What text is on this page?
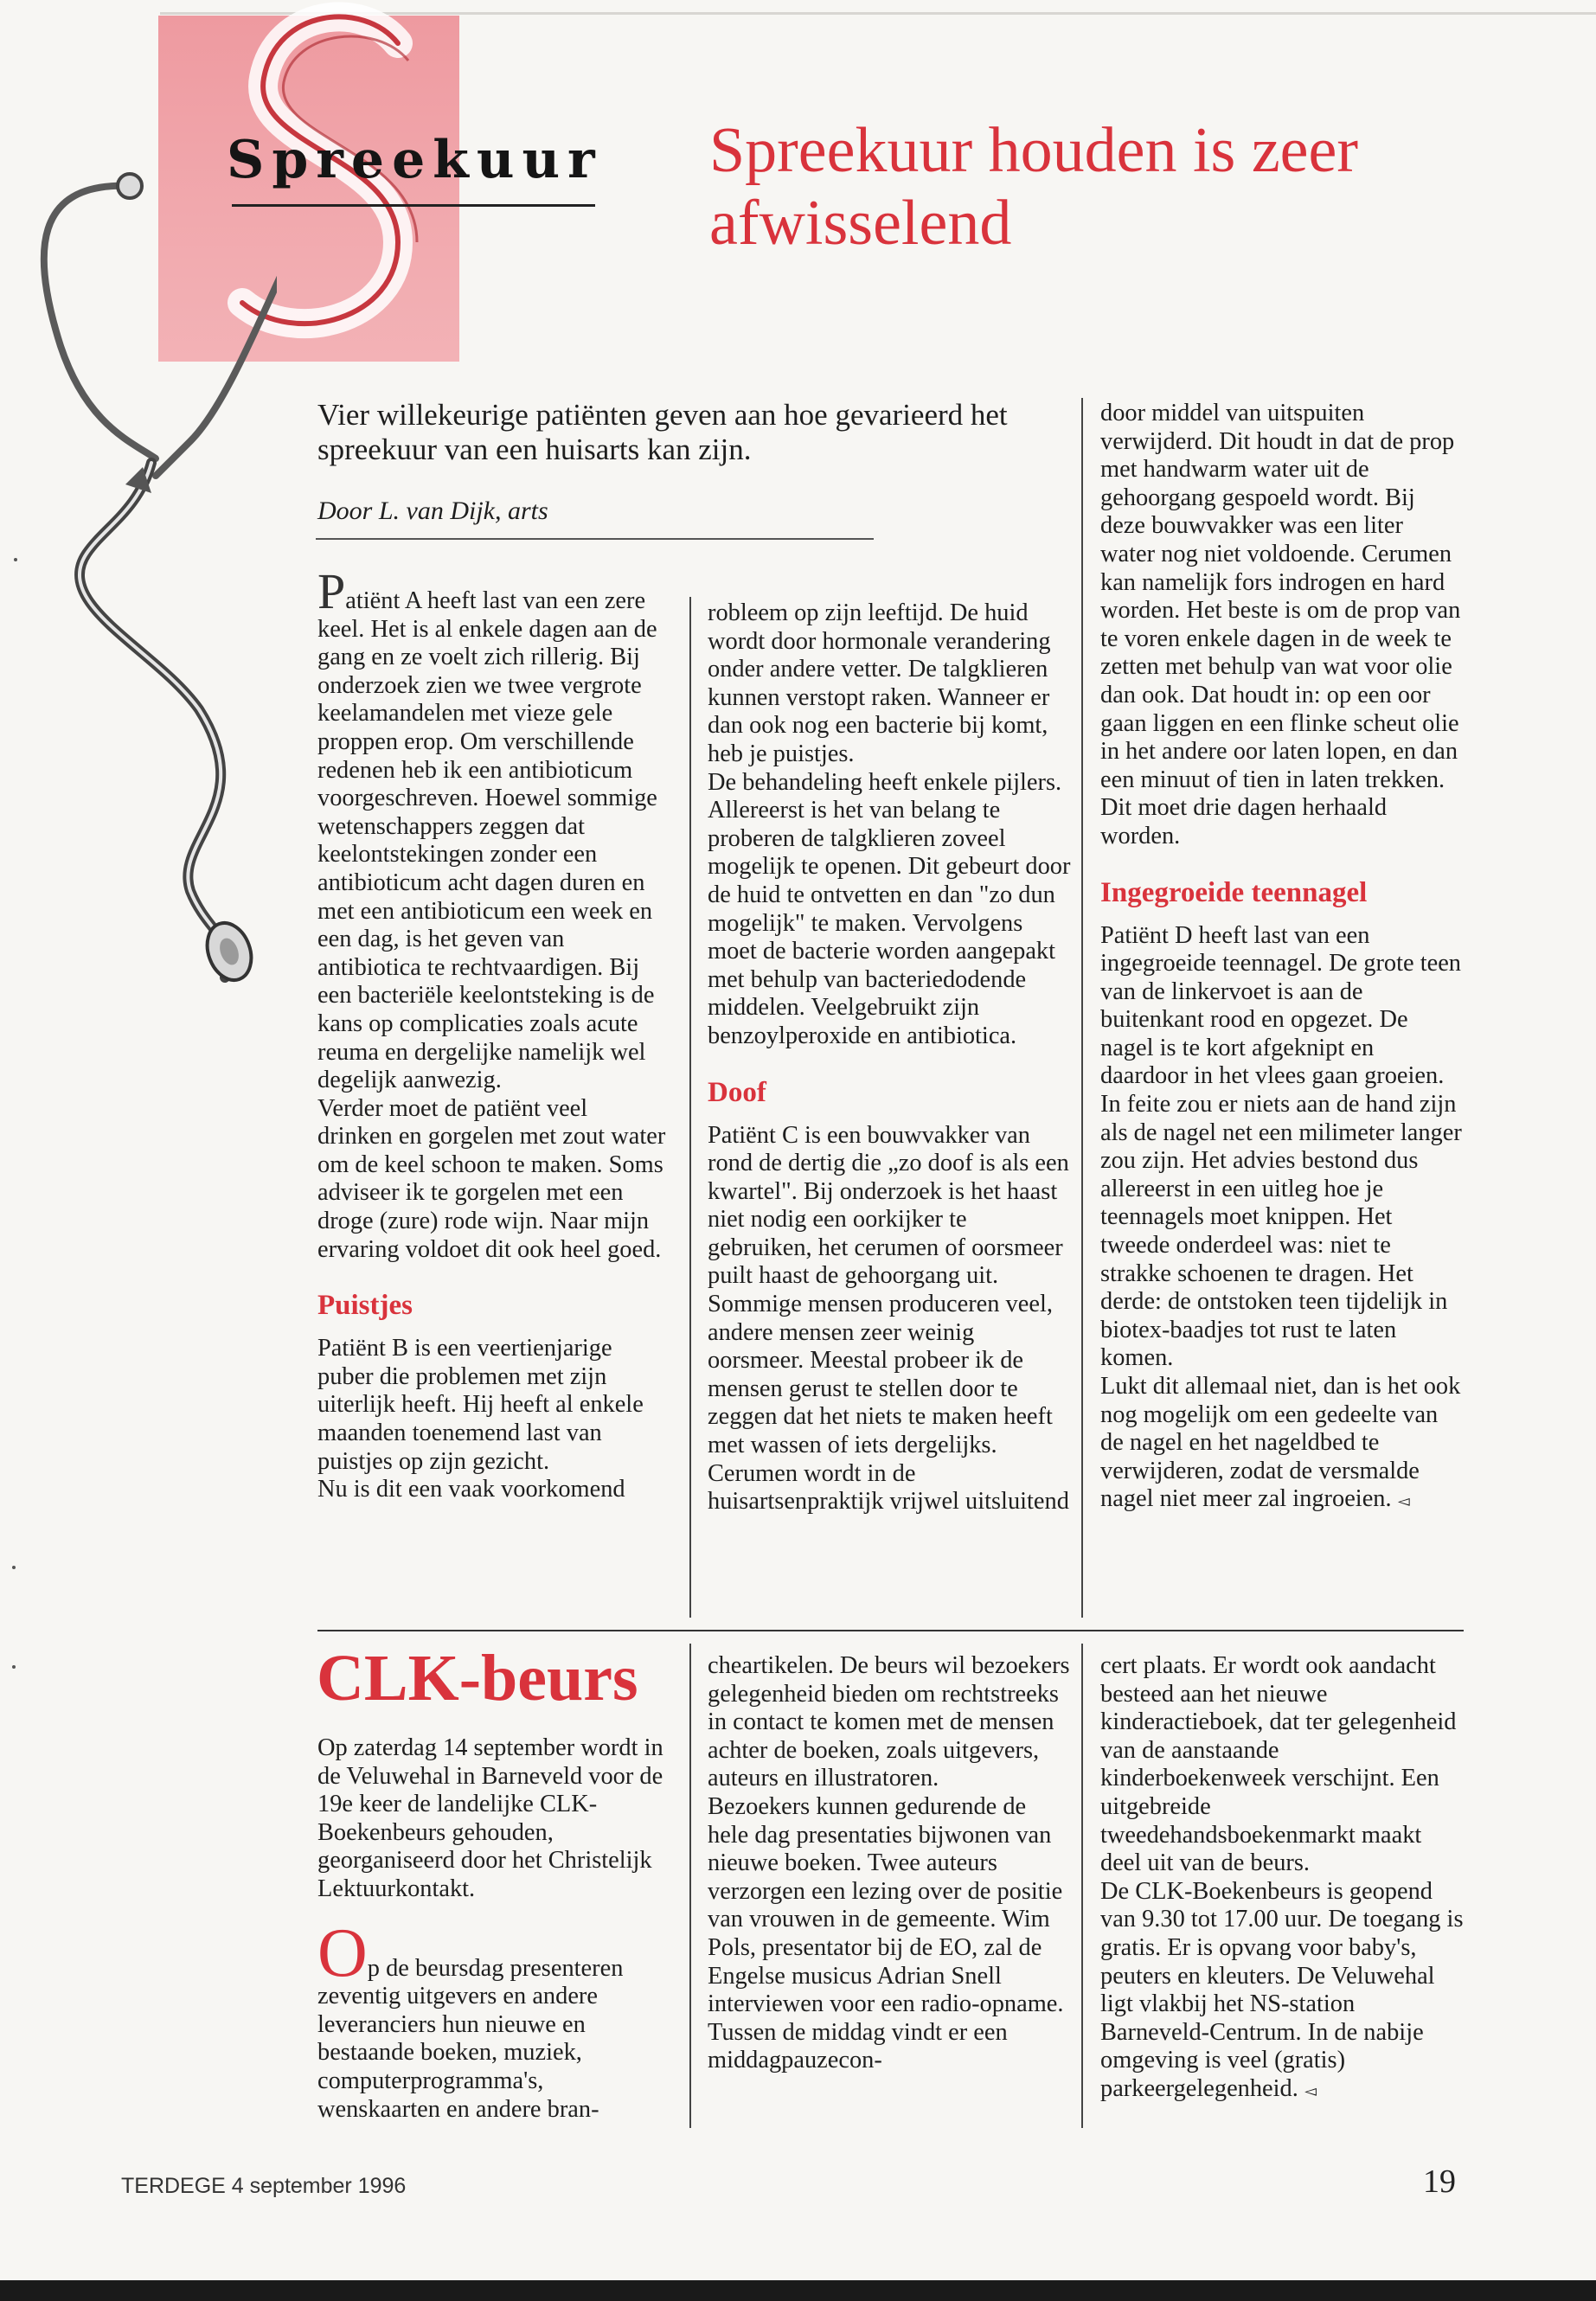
Spreekuur Spreekuur houden is zeer afwisselend

Vier willekeurige patiënten geven aan hoe gevarieerd het spreekuur van een huisarts kan zijn.

Door L. van Dijk, arts

Patiënt A heeft last van een zere keel. Het is al enkele dagen aan de gang en ze voelt zich rillerig. Bij onderzoek zien we twee vergrote keelamandelen met vieze gele proppen erop. Om verschillende redenen heb ik een antibioticum voorgeschreven. Hoewel sommige wetenschappers zeggen dat keelontstekingen zonder een antibioticum acht dagen duren en met een antibioticum een week en een dag, is het geven van antibiotica te rechtvaardigen. Bij een bacteriële keelontsteking is de kans op complicaties zoals acute reuma en dergelijke namelijk wel degelijk aanwezig.

Verder moet de patiënt veel drinken en gorgelen met zout water om de keel schoon te maken. Soms adviseer ik te gorgelen met een droge (zure) rode wijn. Naar mijn ervaring voldoet dit ook heel goed.

Puistjes

Patiënt B is een veertienjarige puber die problemen met zijn uiterlijk heeft. Hij heeft al enkele maanden toenemend last van puistjes op zijn gezicht.

Nu is dit een vaak voorkomend

robleem op zijn leeftijd. De huid wordt door hormonale verandering onder andere vetter. De talgklieren kunnen verstopt raken. Wanneer er dan ook nog een bacterie bij komt, heb je puistjes.

De behandeling heeft enkele pijlers. Allereerst is het van belang te proberen de talgklieren zoveel mogelijk te openen. Dit gebeurt door de huid te ontvetten en dan "zo dun mogelijk" te maken. Vervolgens moet de bacterie worden aangepakt met behulp van bacteriedodende middelen. Veelgebruikt zijn benzoylperoxide en antibiotica.

Doof

Patiënt C is een bouwvakker van rond de dertig die „zo doof is als een kwartel". Bij onderzoek is het haast niet nodig een oorkijker te gebruiken, het cerumen of oorsmeer puilt haast de gehoorgang uit. Sommige mensen produceren veel, andere mensen zeer weinig oorsmeer. Meestal probeer ik de mensen gerust te stellen door te zeggen dat het niets te maken heeft met wassen of iets dergelijks. Cerumen wordt in de huisartsenpraktijk vrijwel uitsluitend

door middel van uitspuiten verwijderd. Dit houdt in dat de prop met handwarm water uit de gehoorgang gespoeld wordt. Bij deze bouwvakker was een liter water nog niet voldoende. Cerumen kan namelijk fors indrogen en hard worden. Het beste is om de prop van te voren enkele dagen in de week te zetten met behulp van wat voor olie dan ook. Dat houdt in: op een oor gaan liggen en een flinke scheut olie in het andere oor laten lopen, en dan een minuut of tien in laten trekken. Dit moet drie dagen herhaald worden.

Ingegroeide teennagel

Patiënt D heeft last van een ingegroeide teennagel. De grote teen van de linkervoet is aan de buitenkant rood en opgezet. De nagel is te kort afgeknipt en daardoor in het vlees gaan groeien. In feite zou er niets aan de hand zijn als de nagel net een milimeter langer zou zijn. Het advies bestond dus allereerst in een uitleg hoe je teennagels moet knippen. Het tweede onderdeel was: niet te strakke schoenen te dragen. Het derde: de ontstoken teen tijdelijk in biotex-baadjes tot rust te laten komen.

Lukt dit allemaal niet, dan is het ook nog mogelijk om een gedeelte van de nagel en het nageldbed te verwijderen, zodat de versmalde nagel niet meer zal ingroeien. ◅

CLK-beurs

Op zaterdag 14 september wordt in de Veluwehal in Barneveld voor de 19e keer de landelijke CLK-Boekenbeurs gehouden, georganiseerd door het Christelijk Lektuurkontakt.

Op de beursdag presenteren zeventig uitgevers en andere leveranciers hun nieuwe en bestaande boeken, muziek, computerprogramma's, wenskaarten en andere bran-

cheartikelen. De beurs wil bezoekers gelegenheid bieden om rechtstreeks in contact te komen met de mensen achter de boeken, zoals uitgevers, auteurs en illustratoren.

Bezoekers kunnen gedurende de hele dag presentaties bijwonen van nieuwe boeken. Twee auteurs verzorgen een lezing over de positie van vrouwen in de gemeente. Wim Pols, presentator bij de EO, zal de Engelse musicus Adrian Snell interviewen voor een radio-opname. Tussen de middag vindt er een middagpauzecon-

cert plaats. Er wordt ook aandacht besteed aan het nieuwe kinderactieboek, dat ter gelegenheid van de aanstaande kinderboekenweek verschijnt. Een uitgebreide tweedehandsboekenmarkt maakt deel uit van de beurs.

De CLK-Boekenbeurs is geopend van 9.30 tot 17.00 uur. De toegang is gratis. Er is opvang voor baby's, peuters en kleuters. De Veluwehal ligt vlakbij het NS-station Barneveld-Centrum. In de nabije omgeving is veel (gratis) parkeergelegenheid. ◅

TERDEGE 4 september 1996	19
